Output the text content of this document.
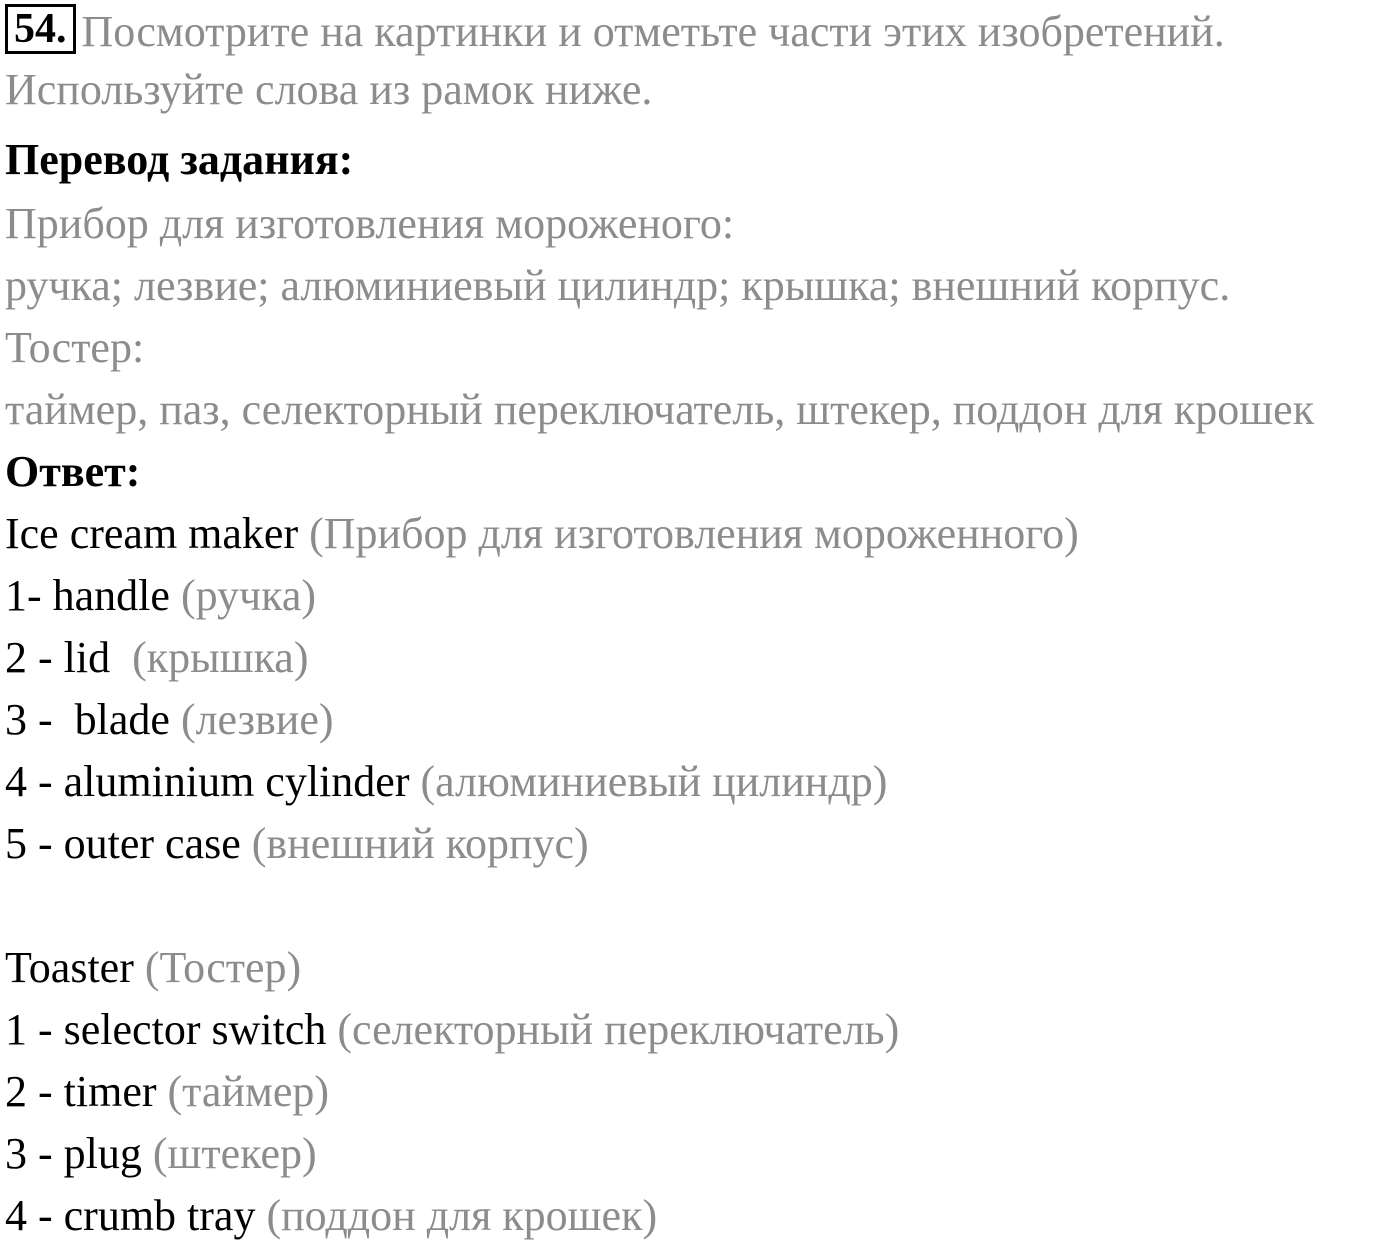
54. Посмотрите на картинки и отметьте части этих изобретений.
Используйте слова из рамок ниже.
Перевод задания:
Прибор для изготовления мороженого:
ручка; лезвие; алюминиевый цилиндр; крышка; внешний корпус.
Тостер:
таймер, паз, селекторный переключатель, штекер, поддон для крошек
Ответ:
Ice cream maker (Прибор для изготовления мороженного)
1- handle (ручка)
2 - lid  (крышка)
3 -  blade (лезвие)
4 - aluminium cylinder (алюминиевый цилиндр)
5 - outer case (внешний корпус)
Toaster (Тостер)
1 - selector switch (селекторный переключатель)
2 - timer (таймер)
3 - plug (штекер)
4 - crumb tray (поддон для крошек)
